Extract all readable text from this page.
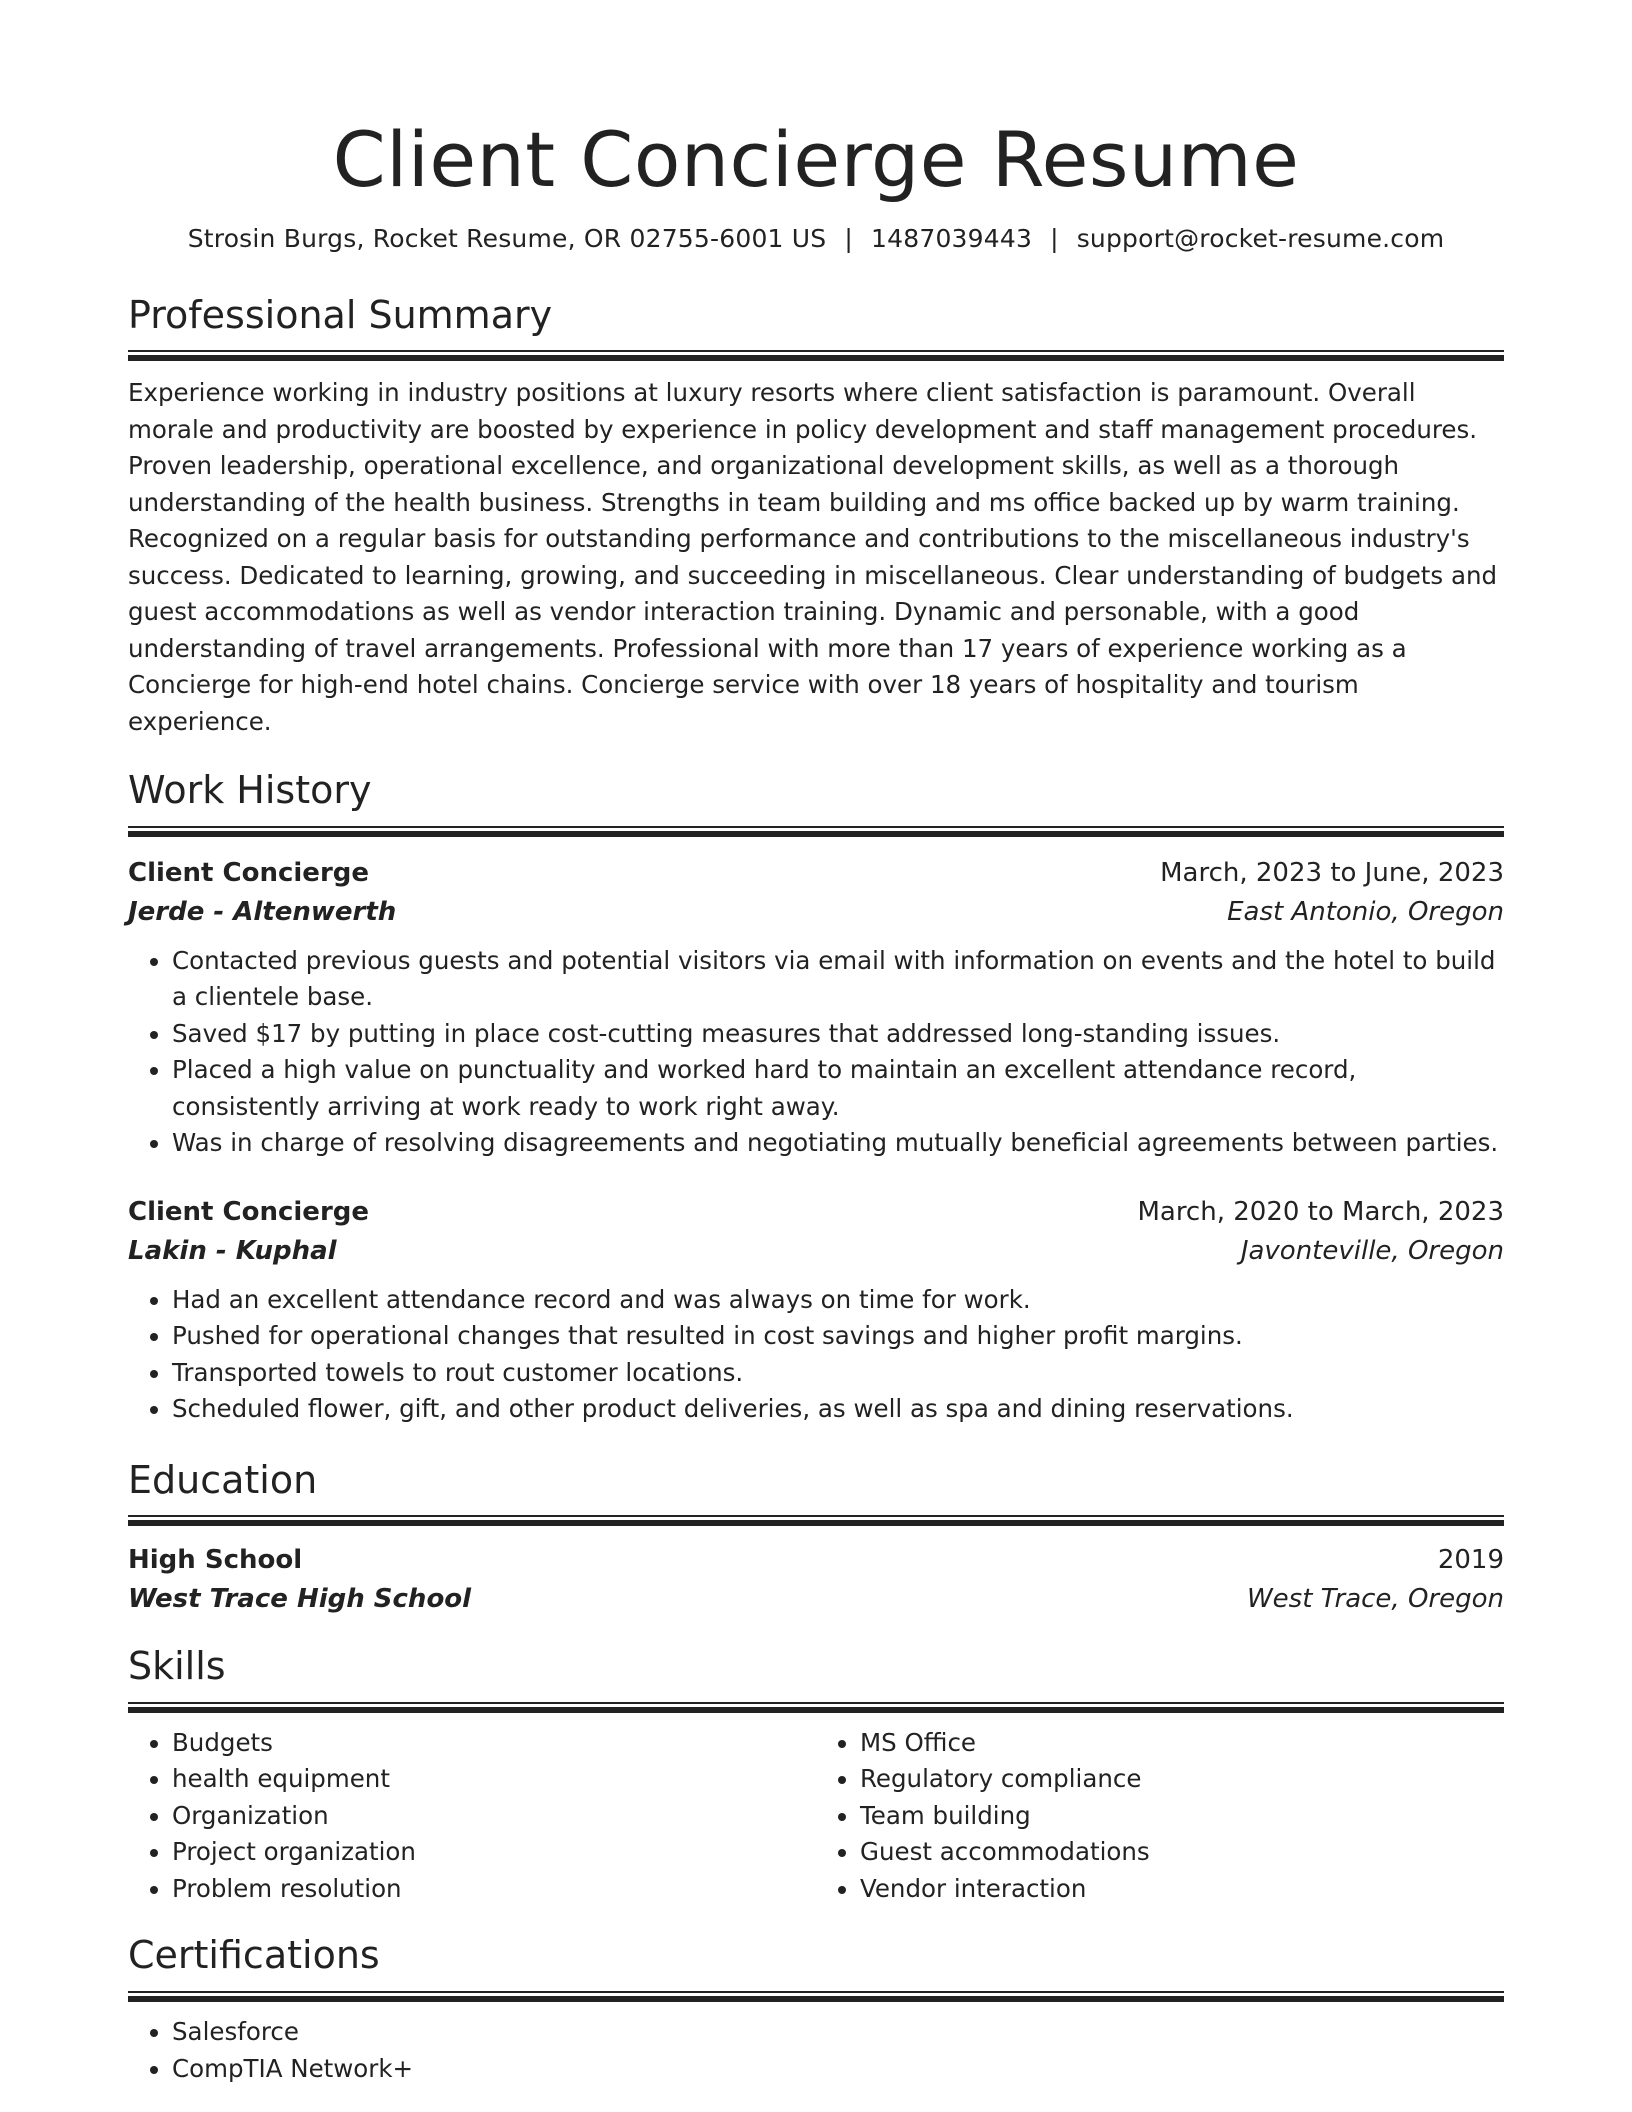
Client Concierge Resume
Strosin Burgs, Rocket Resume, OR 02755-6001 US | 1487039443 | support@rocket-resume.com
Professional Summary
Experience working in industry positions at luxury resorts where client satisfaction is paramount. Overall morale and productivity are boosted by experience in policy development and staff management procedures. Proven leadership, operational excellence, and organizational development skills, as well as a thorough understanding of the health business. Strengths in team building and ms office backed up by warm training. Recognized on a regular basis for outstanding performance and contributions to the miscellaneous industry's success. Dedicated to learning, growing, and succeeding in miscellaneous. Clear understanding of budgets and guest accommodations as well as vendor interaction training. Dynamic and personable, with a good understanding of travel arrangements. Professional with more than 17 years of experience working as a Concierge for high-end hotel chains. Concierge service with over 18 years of hospitality and tourism experience.
Work History
Client Concierge	March, 2023 to June, 2023
Jerde - Altenwerth	East Antonio, Oregon
• Contacted previous guests and potential visitors via email with information on events and the hotel to build a clientele base.
• Saved $17 by putting in place cost-cutting measures that addressed long-standing issues.
• Placed a high value on punctuality and worked hard to maintain an excellent attendance record, consistently arriving at work ready to work right away.
• Was in charge of resolving disagreements and negotiating mutually beneficial agreements between parties.
Client Concierge	March, 2020 to March, 2023
Lakin - Kuphal	Javonteville, Oregon
• Had an excellent attendance record and was always on time for work.
• Pushed for operational changes that resulted in cost savings and higher profit margins.
• Transported towels to rout customer locations.
• Scheduled flower, gift, and other product deliveries, as well as spa and dining reservations.
Education
High School	2019
West Trace High School	West Trace, Oregon
Skills
• Budgets
• health equipment
• Organization
• Project organization
• Problem resolution
• MS Office
• Regulatory compliance
• Team building
• Guest accommodations
• Vendor interaction
Certifications
• Salesforce
• CompTIA Network+
